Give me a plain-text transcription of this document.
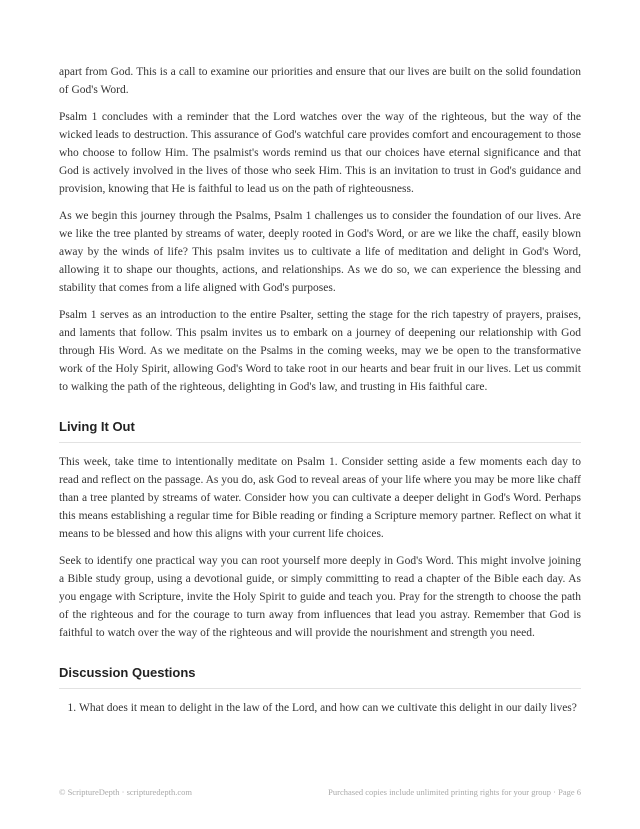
apart from God. This is a call to examine our priorities and ensure that our lives are built on the solid foundation of God's Word.

Psalm 1 concludes with a reminder that the Lord watches over the way of the righteous, but the way of the wicked leads to destruction. This assurance of God's watchful care provides comfort and encouragement to those who choose to follow Him. The psalmist's words remind us that our choices have eternal significance and that God is actively involved in the lives of those who seek Him. This is an invitation to trust in God's guidance and provision, knowing that He is faithful to lead us on the path of righteousness.

As we begin this journey through the Psalms, Psalm 1 challenges us to consider the foundation of our lives. Are we like the tree planted by streams of water, deeply rooted in God's Word, or are we like the chaff, easily blown away by the winds of life? This psalm invites us to cultivate a life of meditation and delight in God's Word, allowing it to shape our thoughts, actions, and relationships. As we do so, we can experience the blessing and stability that comes from a life aligned with God's purposes.

Psalm 1 serves as an introduction to the entire Psalter, setting the stage for the rich tapestry of prayers, praises, and laments that follow. This psalm invites us to embark on a journey of deepening our relationship with God through His Word. As we meditate on the Psalms in the coming weeks, may we be open to the transformative work of the Holy Spirit, allowing God's Word to take root in our hearts and bear fruit in our lives. Let us commit to walking the path of the righteous, delighting in God's law, and trusting in His faithful care.

Living It Out

This week, take time to intentionally meditate on Psalm 1. Consider setting aside a few moments each day to read and reflect on the passage. As you do, ask God to reveal areas of your life where you may be more like chaff than a tree planted by streams of water. Consider how you can cultivate a deeper delight in God's Word. Perhaps this means establishing a regular time for Bible reading or finding a Scripture memory partner. Reflect on what it means to be blessed and how this aligns with your current life choices.

Seek to identify one practical way you can root yourself more deeply in God's Word. This might involve joining a Bible study group, using a devotional guide, or simply committing to read a chapter of the Bible each day. As you engage with Scripture, invite the Holy Spirit to guide and teach you. Pray for the strength to choose the path of the righteous and for the courage to turn away from influences that lead you astray. Remember that God is faithful to watch over the way of the righteous and will provide the nourishment and strength you need.

Discussion Questions
1. What does it mean to delight in the law of the Lord, and how can we cultivate this delight in our daily lives?
© ScriptureDepth · scripturedepth.com	Purchased copies include unlimited printing rights for your group · Page 6
